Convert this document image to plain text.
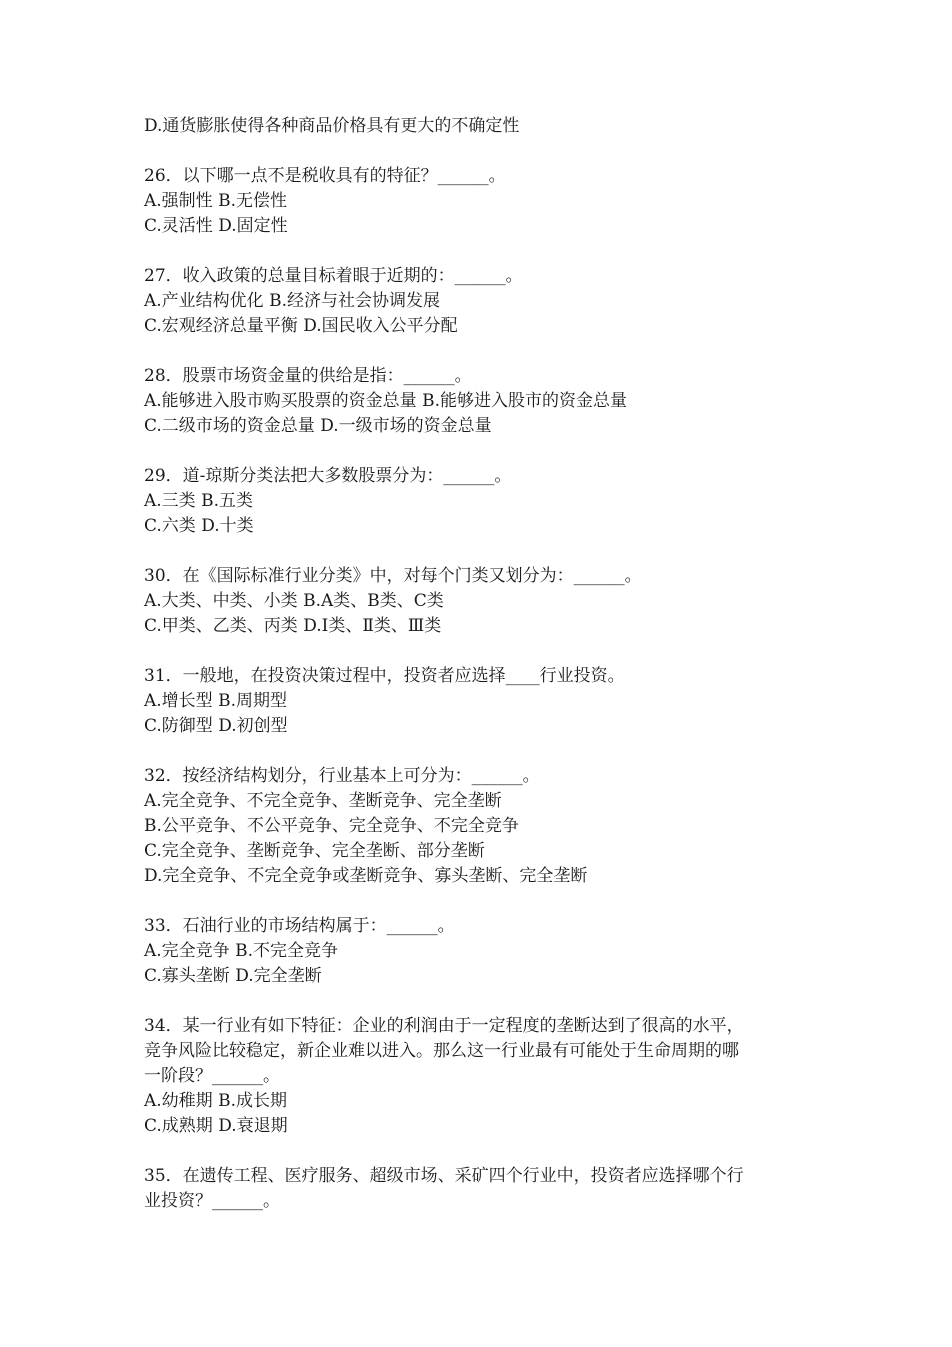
D.通货膨胀使得各种商品价格具有更大的不确定性
26．以下哪一点不是税收具有的特征？______。
A.强制性 B.无偿性
C.灵活性 D.固定性
27．收入政策的总量目标着眼于近期的：______。
A.产业结构优化 B.经济与社会协调发展
C.宏观经济总量平衡 D.国民收入公平分配
28．股票市场资金量的供给是指：______。
A.能够进入股市购买股票的资金总量 B.能够进入股市的资金总量
C.二级市场的资金总量 D.一级市场的资金总量
29．道-琼斯分类法把大多数股票分为：______。
A.三类 B.五类
C.六类 D.十类
30．在《国际标准行业分类》中，对每个门类又划分为：______。
A.大类、中类、小类 B.A类、B类、C类
C.甲类、乙类、丙类 D.Ⅰ类、Ⅱ类、Ⅲ类
31．一般地，在投资决策过程中，投资者应选择____行业投资。
A.增长型 B.周期型
C.防御型 D.初创型
32．按经济结构划分，行业基本上可分为：______。
A.完全竞争、不完全竞争、垄断竞争、完全垄断
B.公平竞争、不公平竞争、完全竞争、不完全竞争
C.完全竞争、垄断竞争、完全垄断、部分垄断
D.完全竞争、不完全竞争或垄断竞争、寡头垄断、完全垄断
33．石油行业的市场结构属于：______。
A.完全竞争 B.不完全竞争
C.寡头垄断 D.完全垄断
34．某一行业有如下特征：企业的利润由于一定程度的垄断达到了很高的水平，
竞争风险比较稳定，新企业难以进入。那么这一行业最有可能处于生命周期的哪
一阶段？______。
A.幼稚期 B.成长期
C.成熟期 D.衰退期
35．在遗传工程、医疗服务、超级市场、采矿四个行业中，投资者应选择哪个行
业投资？______。
